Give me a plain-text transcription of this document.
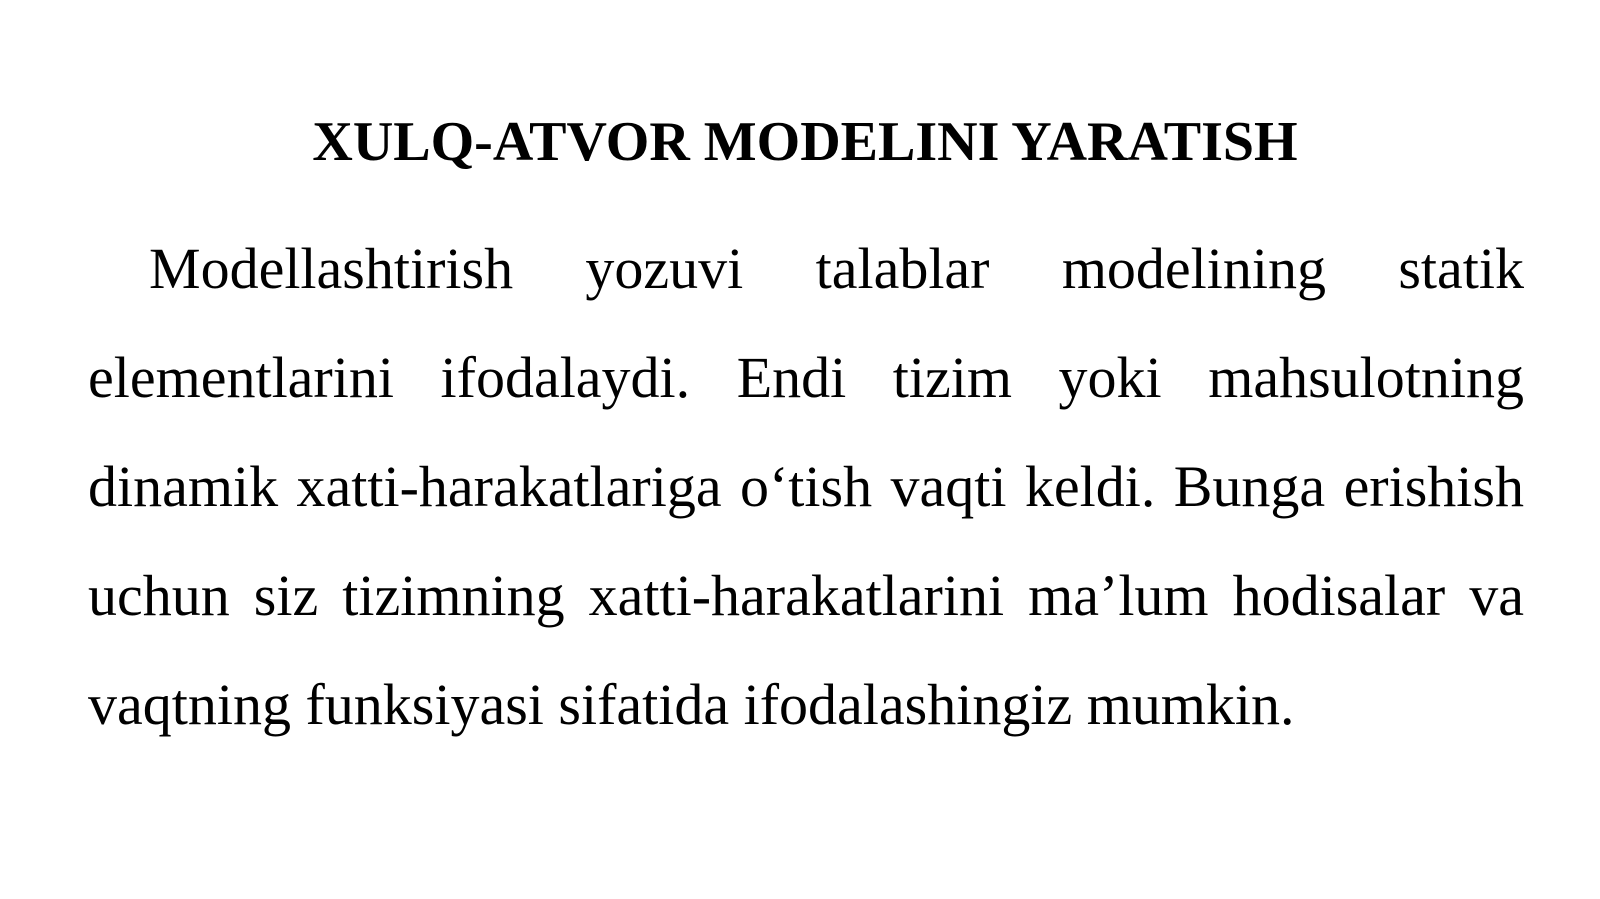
XULQ-ATVOR MODELINI YARATISH

Modellashtirish yozuvi talablar modelining statik elementlarini ifodalaydi. Endi tizim yoki mahsulotning dinamik xatti-harakatlariga o‘tish vaqti keldi. Bunga erishish uchun siz tizimning xatti-harakatlarini ma’lum hodisalar va vaqtning funksiyasi sifatida ifodalashingiz mumkin.
